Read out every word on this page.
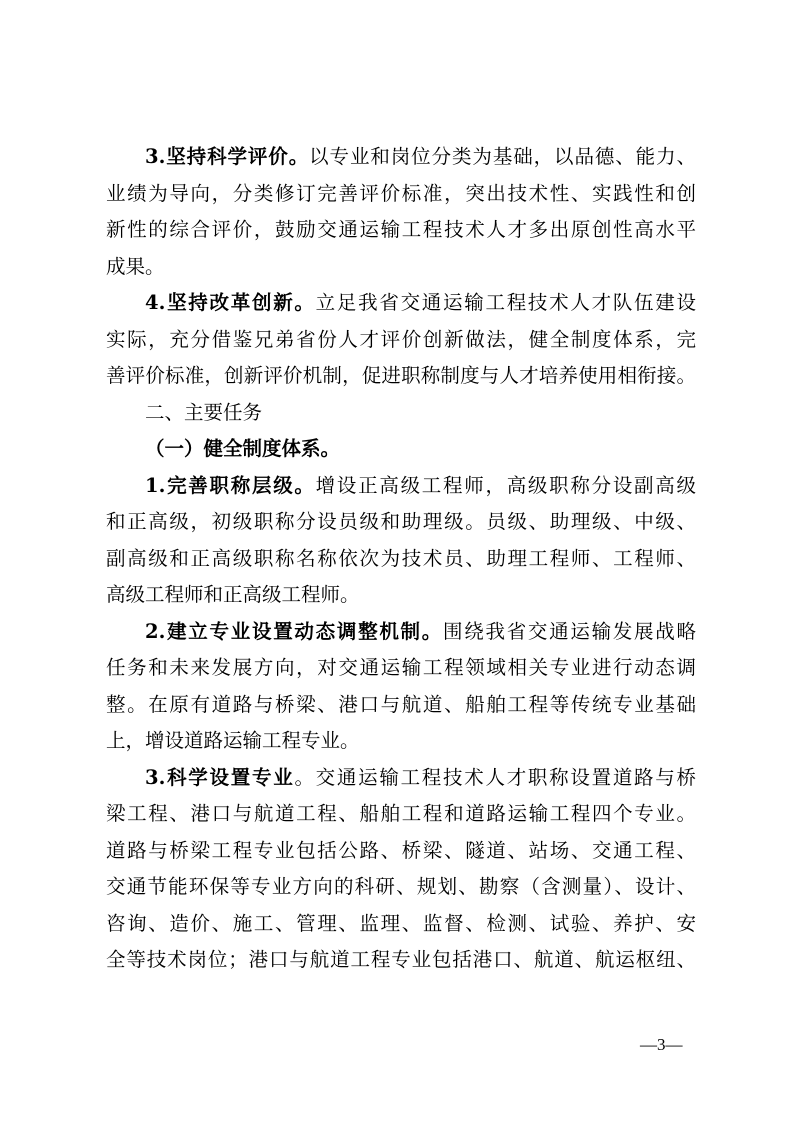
3.坚持科学评价。以专业和岗位分类为基础，以品德、能力、
业绩为导向，分类修订完善评价标准，突出技术性、实践性和创
新性的综合评价，鼓励交通运输工程技术人才多出原创性高水平
成果。
4.坚持改革创新。立足我省交通运输工程技术人才队伍建设
实际，充分借鉴兄弟省份人才评价创新做法，健全制度体系，完
善评价标准，创新评价机制，促进职称制度与人才培养使用相衔接。
二、主要任务
（一）健全制度体系。
1.完善职称层级。增设正高级工程师，高级职称分设副高级
和正高级，初级职称分设员级和助理级。员级、助理级、中级、
副高级和正高级职称名称依次为技术员、助理工程师、工程师、
高级工程师和正高级工程师。
2.建立专业设置动态调整机制。围绕我省交通运输发展战略
任务和未来发展方向，对交通运输工程领域相关专业进行动态调
整。在原有道路与桥梁、港口与航道、船舶工程等传统专业基础
上，增设道路运输工程专业。
3.科学设置专业。交通运输工程技术人才职称设置道路与桥
梁工程、港口与航道工程、船舶工程和道路运输工程四个专业。
道路与桥梁工程专业包括公路、桥梁、隧道、站场、交通工程、
交通节能环保等专业方向的科研、规划、勘察（含测量）、设计、
咨询、造价、施工、管理、监理、监督、检测、试验、养护、安
全等技术岗位；港口与航道工程专业包括港口、航道、航运枢纽、
—3—
